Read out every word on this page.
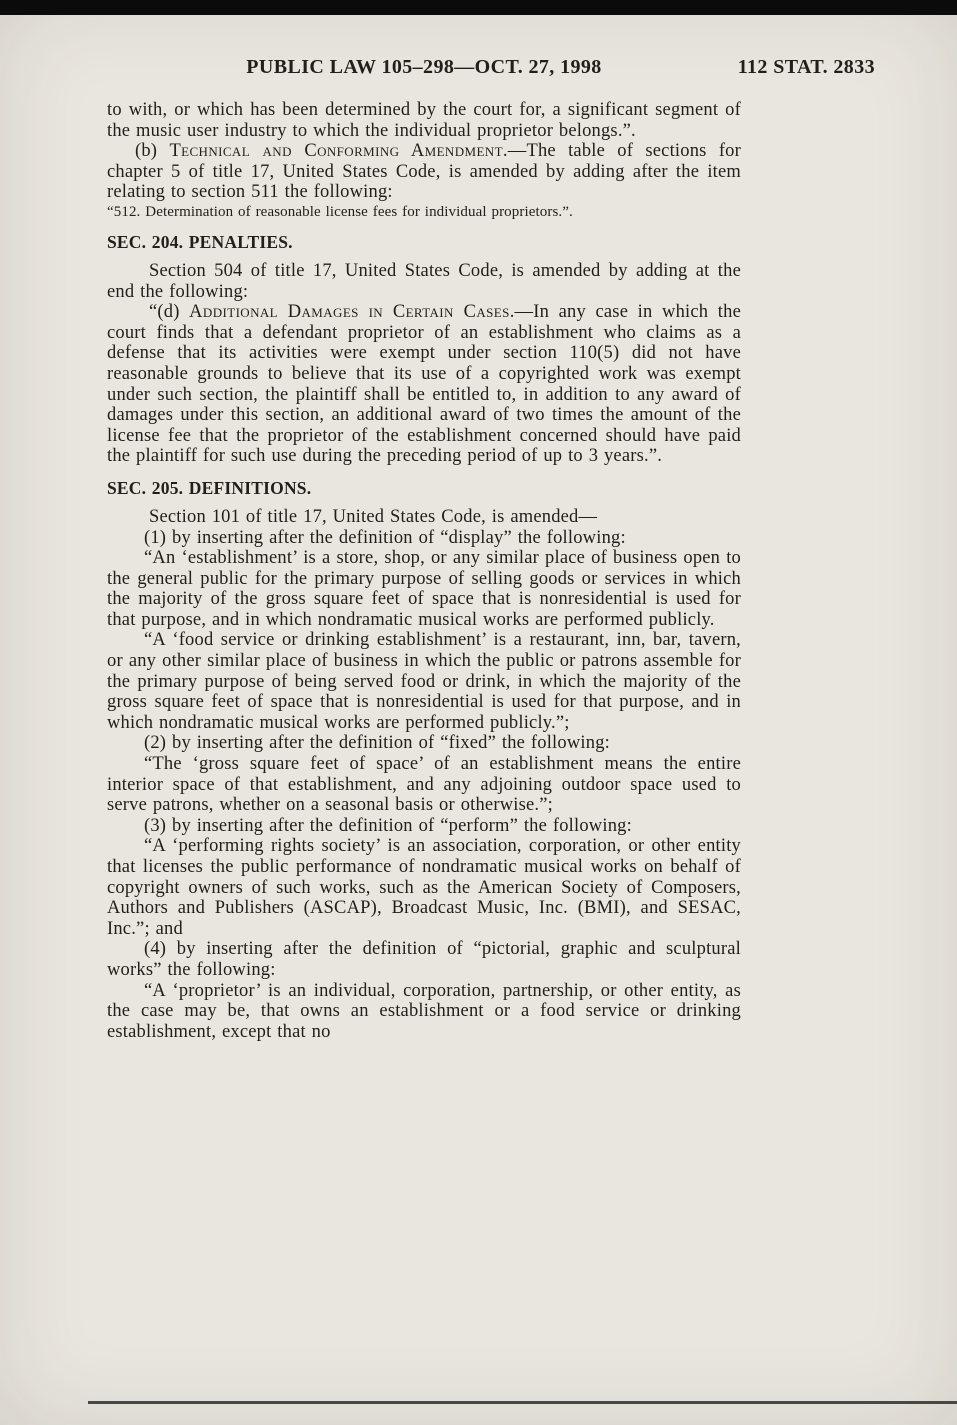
PUBLIC LAW 105–298—OCT. 27, 1998	112 STAT. 2833

to with, or which has been determined by the court for, a significant segment of the music user industry to which the individual proprietor belongs.”.

(b) Technical and Conforming Amendment.—The table of sections for chapter 5 of title 17, United States Code, is amended by adding after the item relating to section 511 the following:

“512. Determination of reasonable license fees for individual proprietors.”.

SEC. 204. PENALTIES.

Section 504 of title 17, United States Code, is amended by adding at the end the following:

“(d) Additional Damages in Certain Cases.—In any case in which the court finds that a defendant proprietor of an establishment who claims as a defense that its activities were exempt under section 110(5) did not have reasonable grounds to believe that its use of a copyrighted work was exempt under such section, the plaintiff shall be entitled to, in addition to any award of damages under this section, an additional award of two times the amount of the license fee that the proprietor of the establishment concerned should have paid the plaintiff for such use during the preceding period of up to 3 years.”.

SEC. 205. DEFINITIONS.

Section 101 of title 17, United States Code, is amended—

(1) by inserting after the definition of “display” the following:

“An ‘establishment’ is a store, shop, or any similar place of business open to the general public for the primary purpose of selling goods or services in which the majority of the gross square feet of space that is nonresidential is used for that purpose, and in which nondramatic musical works are performed publicly.

“A ‘food service or drinking establishment’ is a restaurant, inn, bar, tavern, or any other similar place of business in which the public or patrons assemble for the primary purpose of being served food or drink, in which the majority of the gross square feet of space that is nonresidential is used for that purpose, and in which nondramatic musical works are performed publicly.”;

(2) by inserting after the definition of “fixed” the following:

“The ‘gross square feet of space’ of an establishment means the entire interior space of that establishment, and any adjoining outdoor space used to serve patrons, whether on a seasonal basis or otherwise.”;

(3) by inserting after the definition of “perform” the following:

“A ‘performing rights society’ is an association, corporation, or other entity that licenses the public performance of nondramatic musical works on behalf of copyright owners of such works, such as the American Society of Composers, Authors and Publishers (ASCAP), Broadcast Music, Inc. (BMI), and SESAC, Inc.”; and

(4) by inserting after the definition of “pictorial, graphic and sculptural works” the following:

“A ‘proprietor’ is an individual, corporation, partnership, or other entity, as the case may be, that owns an establishment or a food service or drinking establishment, except that no
